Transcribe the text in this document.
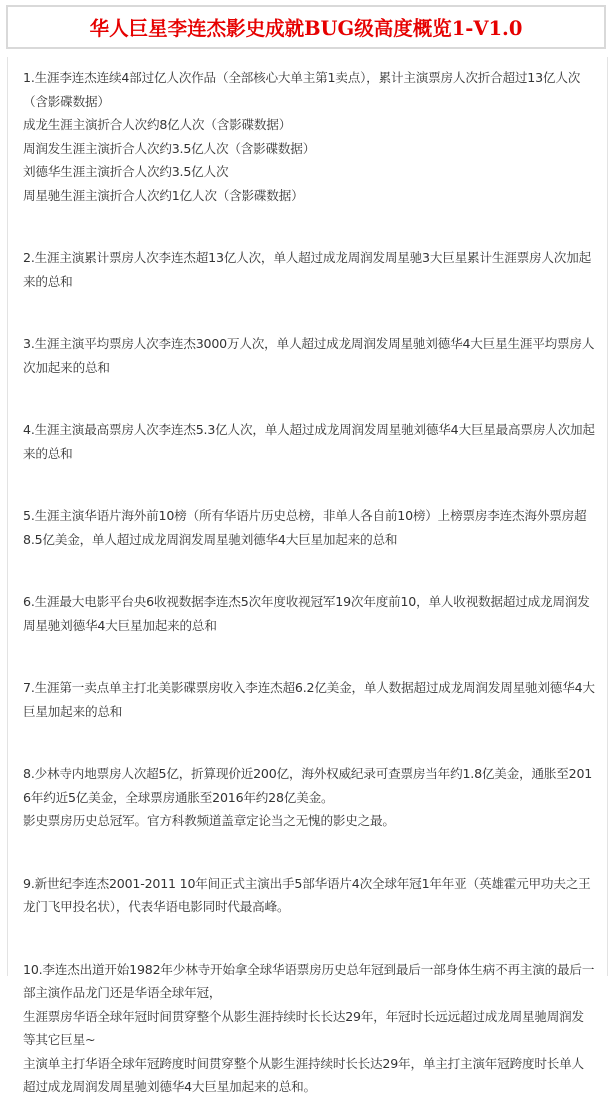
华人巨星李连杰影史成就BUG级高度概览1-V1.0
1.生涯李连杰连续4部过亿人次作品（全部核心大单主第1卖点），累计主演票房人次折合超过13亿人次（含影碟数据）
成龙生涯主演折合人次约8亿人次（含影碟数据）
周润发生涯主演折合人次约3.5亿人次（含影碟数据）
刘德华生涯主演折合人次约3.5亿人次
周星驰生涯主演折合人次约1亿人次（含影碟数据）
2.生涯主演累计票房人次李连杰超13亿人次，单人超过成龙周润发周星驰3大巨星累计生涯票房人次加起来的总和
3.生涯主演平均票房人次李连杰3000万人次，单人超过成龙周润发周星驰刘德华4大巨星生涯平均票房人次加起来的总和
4.生涯主演最高票房人次李连杰5.3亿人次，单人超过成龙周润发周星驰刘德华4大巨星最高票房人次加起来的总和
5.生涯主演华语片海外前10榜（所有华语片历史总榜，非单人各自前10榜）上榜票房李连杰海外票房超8.5亿美金，单人超过成龙周润发周星驰刘德华4大巨星加起来的总和
6.生涯最大电影平台央6收视数据李连杰5次年度收视冠军19次年度前10，单人收视数据超过成龙周润发周星驰刘德华4大巨星加起来的总和
7.生涯第一卖点单主打北美影碟票房收入李连杰超6.2亿美金，单人数据超过成龙周润发周星驰刘德华4大巨星加起来的总和
8.少林寺内地票房人次超5亿，折算现价近200亿，海外权威纪录可查票房当年约1.8亿美金，通胀至2016年约近5亿美金，全球票房通胀至2016年约28亿美金。
影史票房历史总冠军。官方科教频道盖章定论当之无愧的影史之最。
9.新世纪李连杰2001-2011 10年间正式主演出手5部华语片4次全球年冠1年年亚（英雄霍元甲功夫之王龙门飞甲投名状），代表华语电影同时代最高峰。
10.李连杰出道开始1982年少林寺开始拿全球华语票房历史总年冠到最后一部身体生病不再主演的最后一部主演作品龙门还是华语全球年冠，
生涯票房华语全球年冠时间贯穿整个从影生涯持续时长长达29年，年冠时长远远超过成龙周星驰周润发等其它巨星~
主演单主打华语全球年冠跨度时间贯穿整个从影生涯持续时长长达29年，单主打主演年冠跨度时长单人超过成龙周润发周星驰刘德华4大巨星加起来的总和。
